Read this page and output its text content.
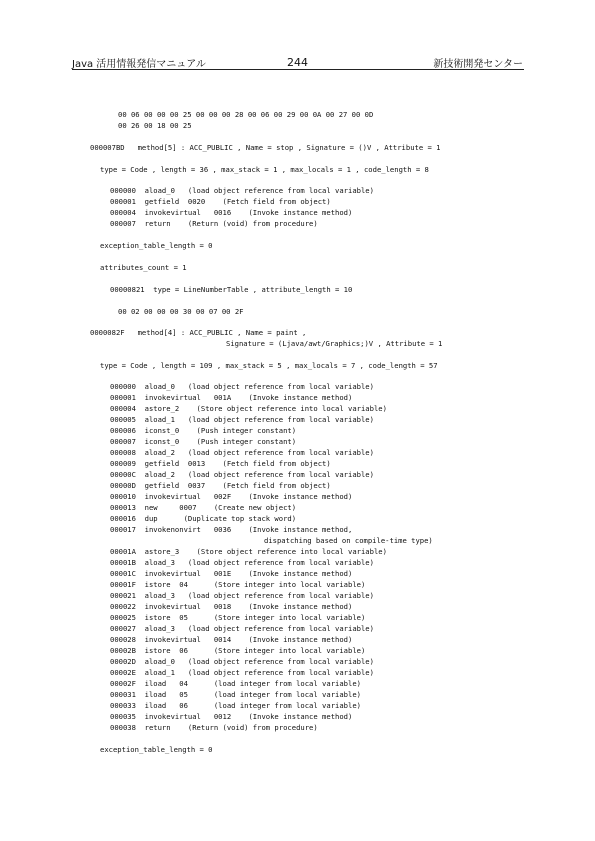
Java 活用情報発信マニュアル	244	新技術開発センター
00 06 00 00 00 25 00 00 00 28 00 06 00 29 00 0A 00 27 00 0D
00 26 00 18 00 25
000007BD   method[5] : ACC_PUBLIC , Name = stop , Signature = ()V , Attribute = 1
type = Code , length = 36 , max_stack = 1 , max_locals = 1 , code_length = 8
000000  aload_0   (load object reference from local variable)
000001  getfield  0020    (Fetch field from object)
000004  invokevirtual   0016    (Invoke instance method)
000007  return    (Return (void) from procedure)
exception_table_length = 0
attributes_count = 1
00000821  type = LineNumberTable , attribute_length = 10
00 02 00 00 00 30 00 07 00 2F
0000082F   method[4] : ACC_PUBLIC , Name = paint ,
Signature = (Ljava/awt/Graphics;)V , Attribute = 1
type = Code , length = 109 , max_stack = 5 , max_locals = 7 , code_length = 57
000000  aload_0   (load object reference from local variable)
000001  invokevirtual   001A    (Invoke instance method)
000004  astore_2    (Store object reference into local variable)
000005  aload_1   (load object reference from local variable)
000006  iconst_0    (Push integer constant)
000007  iconst_0    (Push integer constant)
000008  aload_2   (load object reference from local variable)
000009  getfield  0013    (Fetch field from object)
00000C  aload_2   (load object reference from local variable)
00000D  getfield  0037    (Fetch field from object)
000010  invokevirtual   002F    (Invoke instance method)
000013  new     0007    (Create new object)
000016  dup      (Duplicate top stack word)
000017  invokenonvirt   0036    (Invoke instance method,
dispatching based on compile-time type)
00001A  astore_3    (Store object reference into local variable)
00001B  aload_3   (load object reference from local variable)
00001C  invokevirtual   001E    (Invoke instance method)
00001F  istore  04      (Store integer into local variable)
000021  aload_3   (load object reference from local variable)
000022  invokevirtual   0018    (Invoke instance method)
000025  istore  05      (Store integer into local variable)
000027  aload_3   (load object reference from local variable)
000028  invokevirtual   0014    (Invoke instance method)
00002B  istore  06      (Store integer into local variable)
00002D  aload_0   (load object reference from local variable)
00002E  aload_1   (load object reference from local variable)
00002F  iload   04      (load integer from local variable)
000031  iload   05      (load integer from local variable)
000033  iload   06      (load integer from local variable)
000035  invokevirtual   0012    (Invoke instance method)
000038  return    (Return (void) from procedure)
exception_table_length = 0
